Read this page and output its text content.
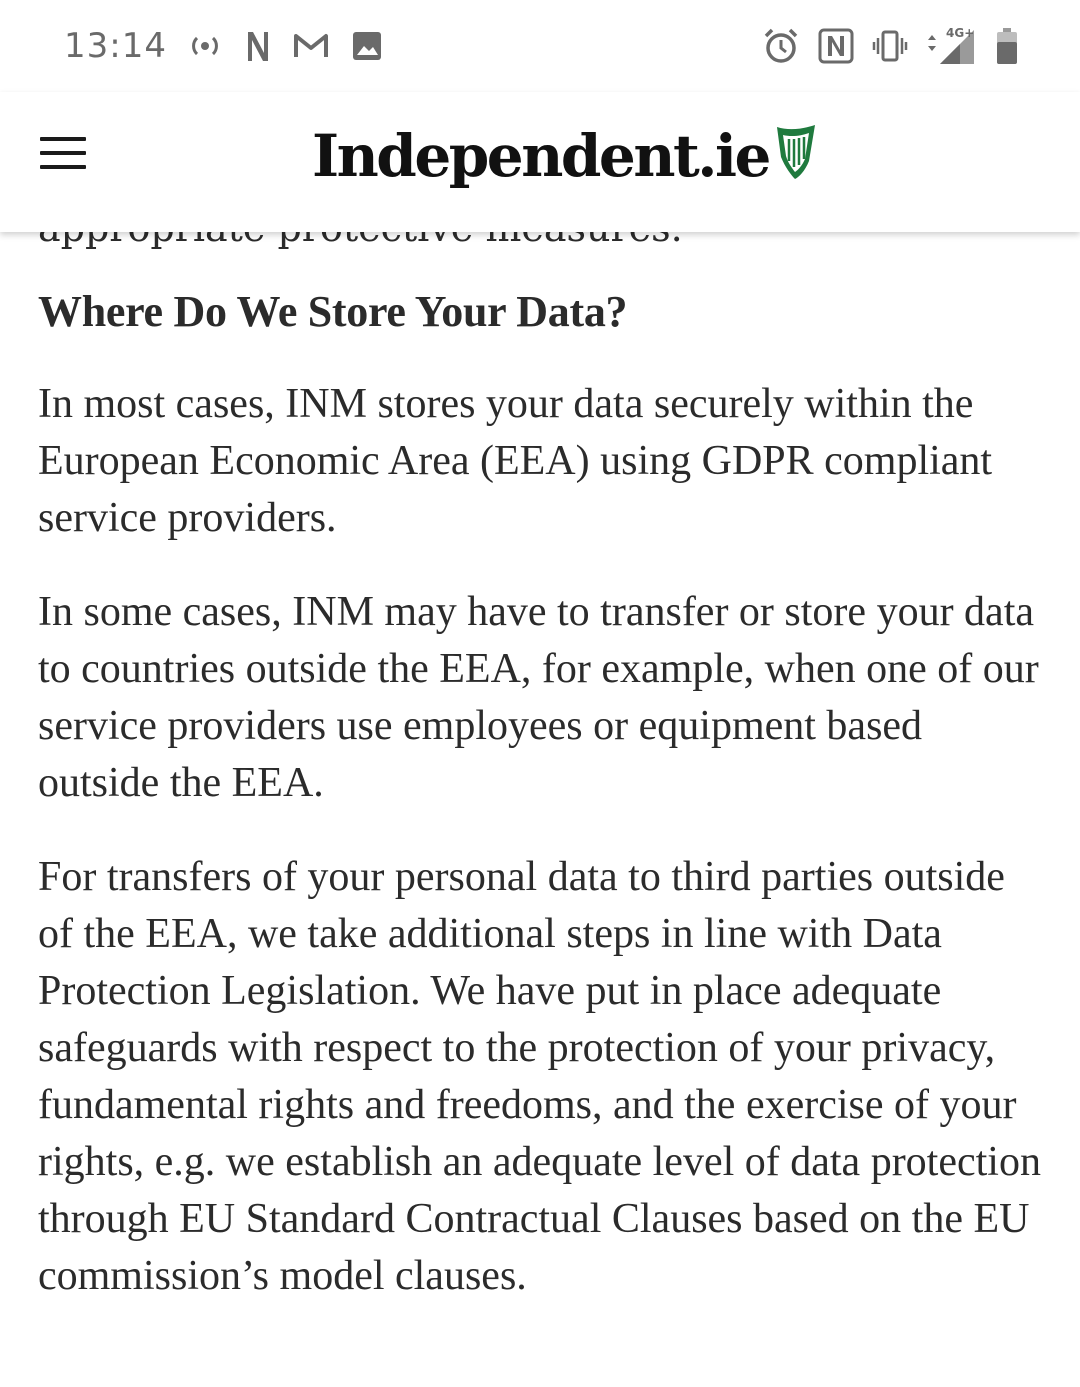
13:14	4G+
Independent.ie
Where Do We Store Your Data?

In most cases, INM stores your data securely within the European Economic Area (EEA) using GDPR compliant service providers.

In some cases, INM may have to transfer or store your data to countries outside the EEA, for example, when one of our service providers use employees or equipment based outside the EEA.

For transfers of your personal data to third parties outside of the EEA, we take additional steps in line with Data Protection Legislation. We have put in place adequate safeguards with respect to the protection of your privacy, fundamental rights and freedoms, and the exercise of your rights, e.g. we establish an adequate level of data protection through EU Standard Contractual Clauses based on the EU commission’s model clauses.
